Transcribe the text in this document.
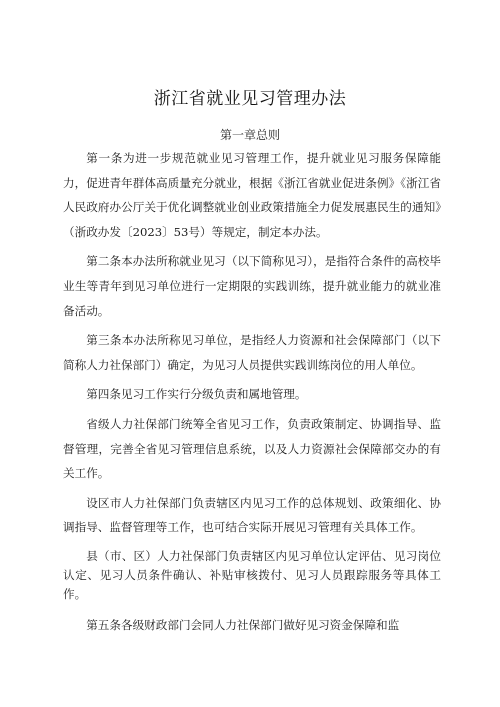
浙江省就业见习管理办法
第一章总则

第一条为进一步规范就业见习管理工作，提升就业见习服务保障能力，促进青年群体高质量充分就业，根据《浙江省就业促进条例》《浙江省人民政府办公厅关于优化调整就业创业政策措施全力促发展惠民生的通知》（浙政办发〔2023〕53号）等规定，制定本办法。

第二条本办法所称就业见习（以下简称见习），是指符合条件的高校毕业生等青年到见习单位进行一定期限的实践训练，提升就业能力的就业准备活动。

第三条本办法所称见习单位，是指经人力资源和社会保障部门（以下简称人力社保部门）确定，为见习人员提供实践训练岗位的用人单位。

第四条见习工作实行分级负责和属地管理。

省级人力社保部门统筹全省见习工作，负责政策制定、协调指导、监督管理，完善全省见习管理信息系统，以及人力资源社会保障部交办的有关工作。

设区市人力社保部门负责辖区内见习工作的总体规划、政策细化、协调指导、监督管理等工作，也可结合实际开展见习管理有关具体工作。

县（市、区）人力社保部门负责辖区内见习单位认定评估、见习岗位认定、见习人员条件确认、补贴审核拨付、见习人员跟踪服务等具体工作。

第五条各级财政部门会同人力社保部门做好见习资金保障和监
